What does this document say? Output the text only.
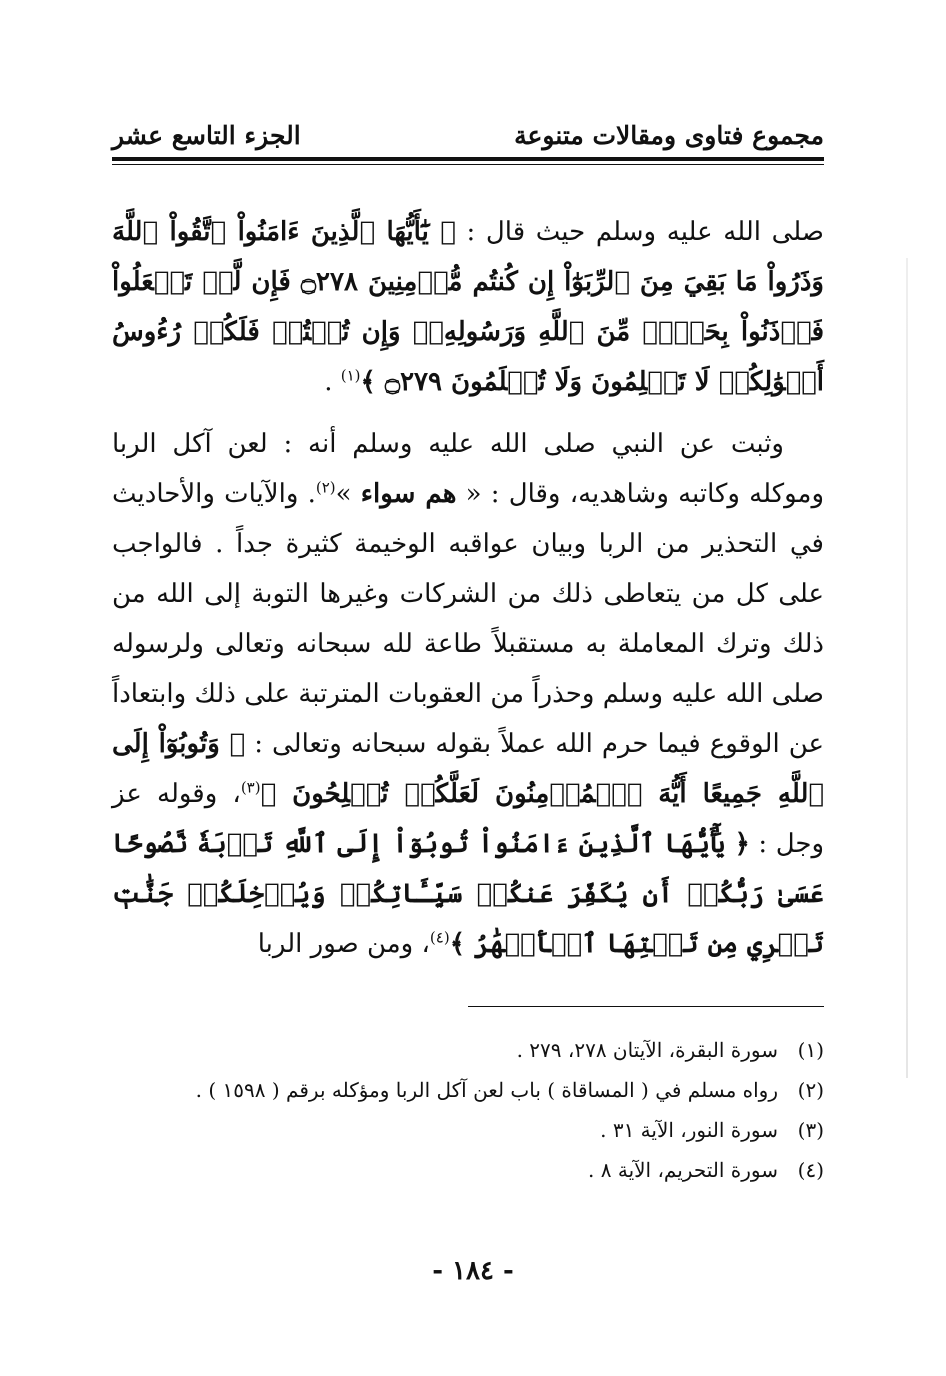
مجموع فتاوى ومقالات متنوعة
الجزء التاسع عشر

صلى الله عليه وسلم حيث قال : ﴿ يَٰٓأَيُّهَا ٱلَّذِينَ ءَامَنُواْ ٱتَّقُواْ ٱللَّهَ وَذَرُواْ مَا بَقِيَ مِنَ ٱلرِّبَوٰٓاْ إِن كُنتُم مُّؤۡمِنِينَ ۝٢٧٨ فَإِن لَّمۡ تَفۡعَلُواْ فَأۡذَنُواْ بِحَرۡبٖ مِّنَ ٱللَّهِ وَرَسُولِهِۦۖ وَإِن تُبۡتُمۡ فَلَكُمۡ رُءُوسُ أَمۡوَٰلِكُمۡ لَا تَظۡلِمُونَ وَلَا تُظۡلَمُونَ ۝٢٧٩ ﴾$^{(١)}$ .

وثبت عن النبي صلى الله عليه وسلم أنه : لعن آكل الربا وموكله وكاتبه وشاهديه، وقال : « هم سواء »$^{(٢)}$. والآيات والأحاديث في التحذير من الربا وبيان عواقبه الوخيمة كثيرة جداً . فالواجب على كل من يتعاطى ذلك من الشركات وغيرها التوبة إلى الله من ذلك وترك المعاملة به مستقبلاً طاعة لله سبحانه وتعالى ولرسوله صلى الله عليه وسلم وحذراً من العقوبات المترتبة على ذلك وابتعاداً عن الوقوع فيما حرم الله عملاً بقوله سبحانه وتعالى : ﴿ وَتُوبُوٓاْ إِلَى ٱللَّهِ جَمِيعًا أَيُّهَ ٱلۡمُؤۡمِنُونَ لَعَلَّكُمۡ تُفۡلِحُونَ ﴾$^{(٣)}$، وقوله عز وجل : ﴿ يَٰٓأَيُّهَا ٱلَّذِينَ ءَامَنُواْ تُوبُوٓاْ إِلَى ٱللَّهِ تَوۡبَةٗ نَّصُوحًا عَسَىٰ رَبُّكُمۡ أَن يُكَفِّرَ عَنكُمۡ سَيِّـَٔاتِكُمۡ وَيُدۡخِلَكُمۡ جَنَّٰتٖ تَجۡرِي مِن تَحۡتِهَا ٱلۡأَنۡهَٰرُ ﴾$^{(٤)}$، ومن صور الربا

(١)
سورة البقرة، الآيتان ٢٧٨، ٢٧٩ .
(٢)
رواه مسلم في ( المساقاة ) باب لعن آكل الربا ومؤكله برقم ( ١٥٩٨ ) .
(٣)
سورة النور، الآية ٣١ .
(٤)
سورة التحريم، الآية ٨ .
- ١٨٤ -
